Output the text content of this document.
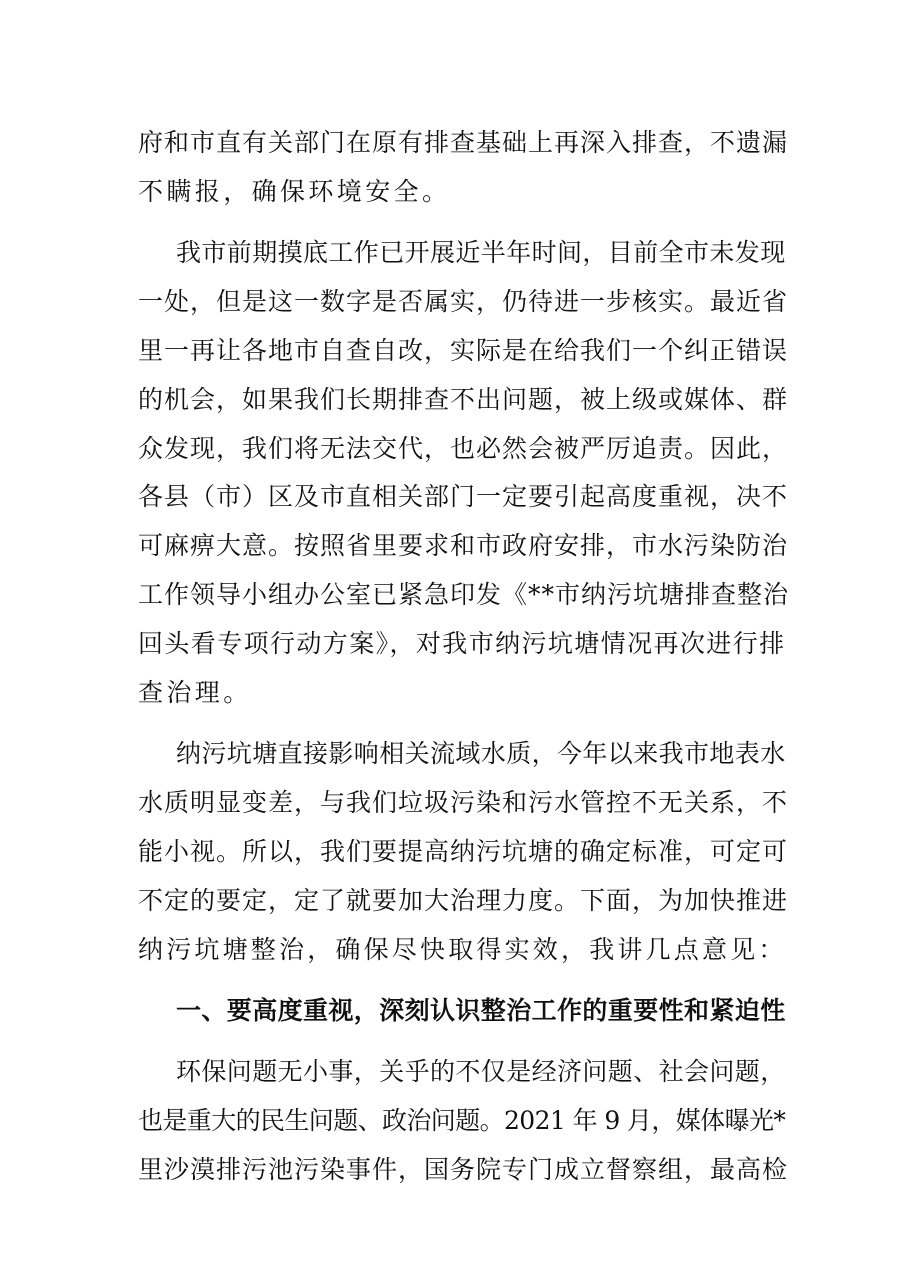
府和市直有关部门在原有排查基础上再深入排查，不遗漏
不瞒报，确保环境安全。
我市前期摸底工作已开展近半年时间，目前全市未发现
一处，但是这一数字是否属实，仍待进一步核实。最近省
里一再让各地市自查自改，实际是在给我们一个纠正错误
的机会，如果我们长期排查不出问题，被上级或媒体、群
众发现，我们将无法交代，也必然会被严厉追责。因此，
各县（市）区及市直相关部门一定要引起高度重视，决不
可麻痹大意。按照省里要求和市政府安排，市水污染防治
工作领导小组办公室已紧急印发《**市纳污坑塘排查整治
回头看专项行动方案》，对我市纳污坑塘情况再次进行排
查治理。
纳污坑塘直接影响相关流域水质，今年以来我市地表水
水质明显变差，与我们垃圾污染和污水管控不无关系，不
能小视。所以，我们要提高纳污坑塘的确定标准，可定可
不定的要定，定了就要加大治理力度。下面，为加快推进
纳污坑塘整治，确保尽快取得实效，我讲几点意见：
一、要高度重视，深刻认识整治工作的重要性和紧迫性
环保问题无小事，关乎的不仅是经济问题、社会问题，
也是重大的民生问题、政治问题。2021 年 9 月，媒体曝光*
里沙漠排污池污染事件，国务院专门成立督察组，最高检
